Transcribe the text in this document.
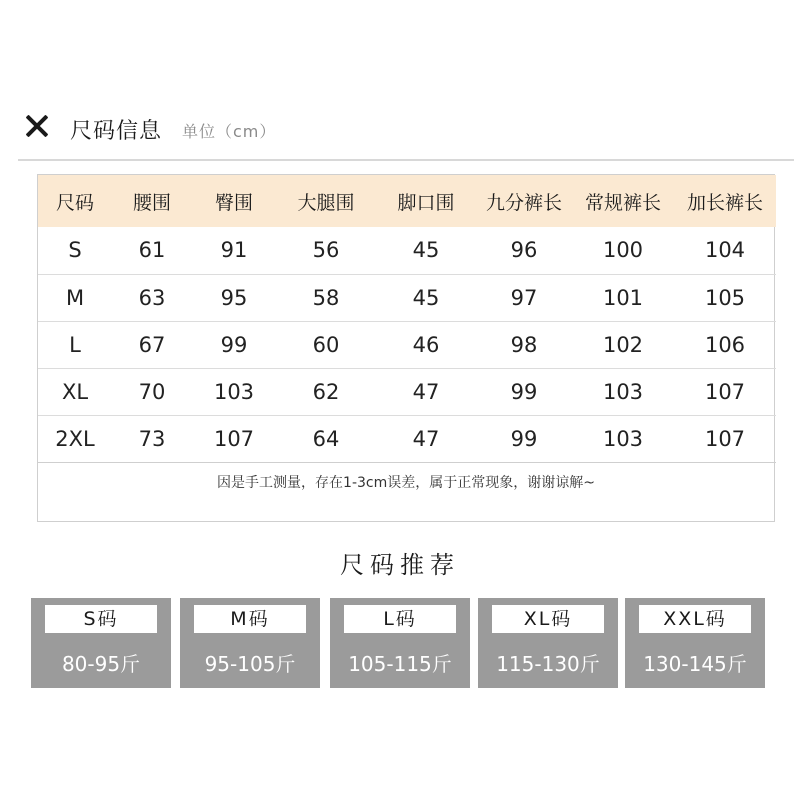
尺码信息 单位（cm）
尺码	腰围	臀围	大腿围	脚口围	九分裤长	常规裤长	加长裤长
S	61	91	56	45	96	100	104
M	63	95	58	45	97	101	105
L	67	99	60	46	98	102	106
XL	70	103	62	47	99	103	107
2XL	73	107	64	47	99	103	107
因是手工测量，存在1-3cm误差，属于正常现象，谢谢谅解~
尺码推荐
S码
80-95斤
M码
95-105斤
L码
105-115斤
XL码
115-130斤
XXL码
130-145斤
